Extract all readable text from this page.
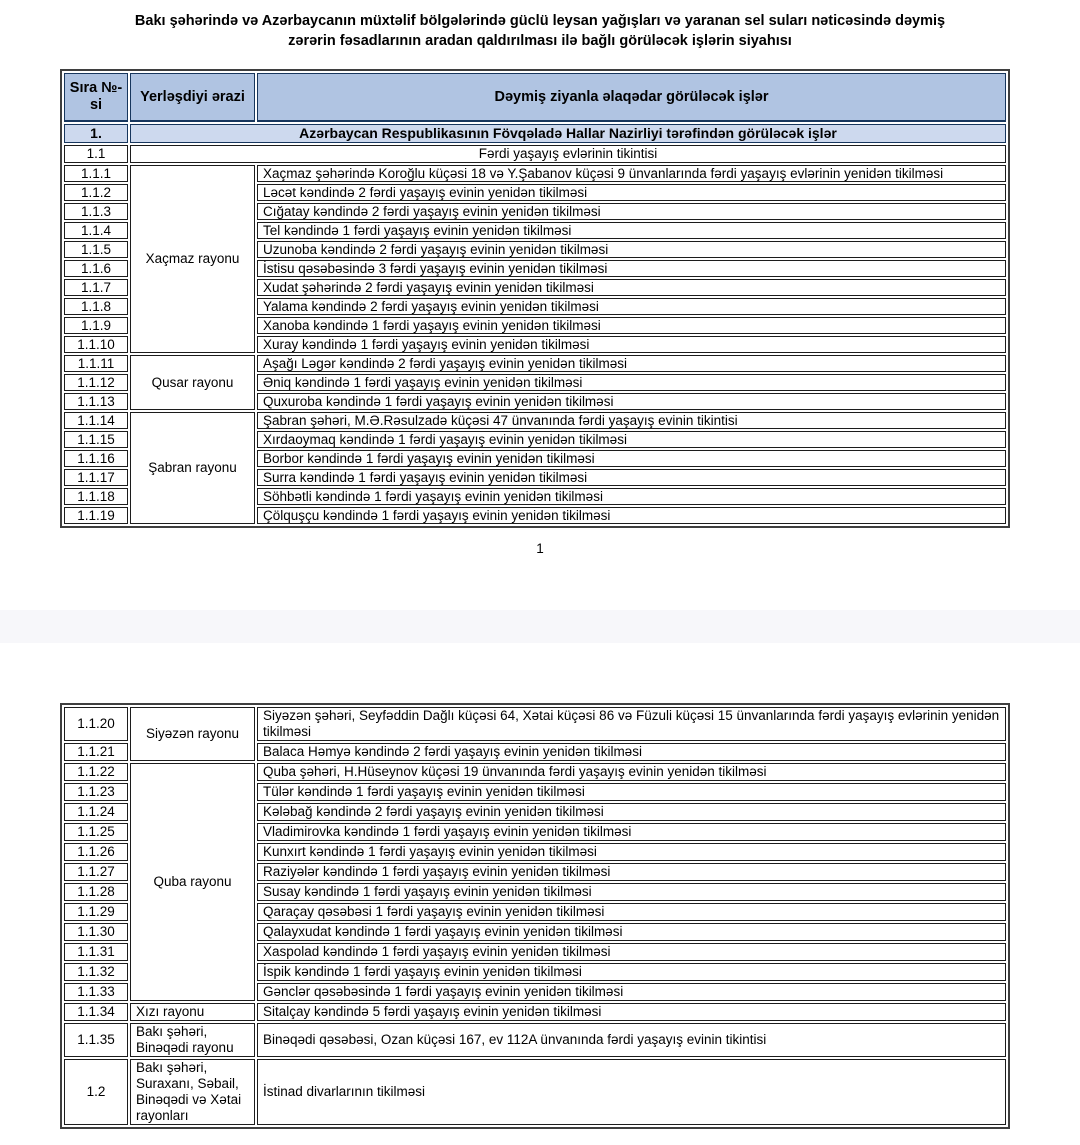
Bakı şəhərində və Azərbaycanın müxtəlif bölgələrində güclü leysan yağışları və yaranan sel suları nəticəsində dəymiş
zərərin fəsadlarının aradan qaldırılması ilə bağlı görüləcək işlərin siyahısı
Sıra №-si	Yerləşdiyi ərazi	Dəymiş ziyanla əlaqədar görüləcək işlər
1.	Azərbaycan Respublikasının Fövqəladə Hallar Nazirliyi tərəfindən görüləcək işlər	
1.1	Fərdi yaşayış evlərinin tikintisi	
1.1.1	Xaçmaz rayonu	Xaçmaz şəhərində Koroğlu küçəsi 18 və Y.Şabanov küçəsi 9 ünvanlarında fərdi yaşayış evlərinin yenidən tikilməsi
1.1.2		Ləcət kəndində 2 fərdi yaşayış evinin yenidən tikilməsi
1.1.3		Cığatay kəndində 2 fərdi yaşayış evinin yenidən tikilməsi
1.1.4		Tel kəndində 1 fərdi yaşayış evinin yenidən tikilməsi
1.1.5		Uzunoba kəndində 2 fərdi yaşayış evinin yenidən tikilməsi
1.1.6		İstisu qəsəbəsində 3 fərdi yaşayış evinin yenidən tikilməsi
1.1.7		Xudat şəhərində 2 fərdi yaşayış evinin yenidən tikilməsi
1.1.8		Yalama kəndində 2 fərdi yaşayış evinin yenidən tikilməsi
1.1.9		Xanoba kəndində 1 fərdi yaşayış evinin yenidən tikilməsi
1.1.10		Xuray kəndində 1 fərdi yaşayış evinin yenidən tikilməsi
1.1.11	Qusar rayonu	Aşağı Ləgər kəndində 2 fərdi yaşayış evinin yenidən tikilməsi
1.1.12		Əniq kəndində 1 fərdi yaşayış evinin yenidən tikilməsi
1.1.13		Quxuroba kəndində 1 fərdi yaşayış evinin yenidən tikilməsi
1.1.14	Şabran rayonu	Şabran şəhəri, M.Ə.Rəsulzadə küçəsi 47 ünvanında fərdi yaşayış evinin tikintisi
1.1.15		Xırdaoymaq kəndində 1 fərdi yaşayış evinin yenidən tikilməsi
1.1.16		Borbor kəndində 1 fərdi yaşayış evinin yenidən tikilməsi
1.1.17		Surra kəndində 1 fərdi yaşayış evinin yenidən tikilməsi
1.1.18		Söhbətli kəndində 1 fərdi yaşayış evinin yenidən tikilməsi
1.1.19		Çölquşçu kəndində 1 fərdi yaşayış evinin yenidən tikilməsi
1
1.1.20	Siyəzən rayonu	Siyəzən şəhəri, Seyfəddin Dağlı küçəsi 64, Xətai küçəsi 86 və Füzuli küçəsi 15 ünvanlarında fərdi yaşayış evlərinin yenidən tikilməsi
1.1.21		Balaca Həmyə kəndində 2 fərdi yaşayış evinin yenidən tikilməsi
1.1.22	Quba rayonu	Quba şəhəri, H.Hüseynov küçəsi 19 ünvanında fərdi yaşayış evinin yenidən tikilməsi
1.1.23		Tülər kəndində 1 fərdi yaşayış evinin yenidən tikilməsi
1.1.24		Kələbağ kəndində 2 fərdi yaşayış evinin yenidən tikilməsi
1.1.25		Vladimirovka kəndində 1 fərdi yaşayış evinin yenidən tikilməsi
1.1.26		Kunxırt kəndində 1 fərdi yaşayış evinin yenidən tikilməsi
1.1.27		Raziyələr kəndində 1 fərdi yaşayış evinin yenidən tikilməsi
1.1.28		Susay kəndində 1 fərdi yaşayış evinin yenidən tikilməsi
1.1.29		Qaraçay qəsəbəsi 1 fərdi yaşayış evinin yenidən tikilməsi
1.1.30		Qalayxudat kəndində 1 fərdi yaşayış evinin yenidən tikilməsi
1.1.31		Xaspolad kəndində 1 fərdi yaşayış evinin yenidən tikilməsi
1.1.32		İspik kəndində 1 fərdi yaşayış evinin yenidən tikilməsi
1.1.33		Gənclər qəsəbəsində 1 fərdi yaşayış evinin yenidən tikilməsi
1.1.34	Xızı rayonu	Sitalçay kəndində 5 fərdi yaşayış evinin yenidən tikilməsi
1.1.35	Bakı şəhəri, Binəqədi rayonu	Binəqədi qəsəbəsi, Ozan küçəsi 167, ev 112A ünvanında fərdi yaşayış evinin tikintisi
1.2	Bakı şəhəri, Suraxanı, Səbail, Binəqədi və Xətai rayonları	İstinad divarlarının tikilməsi
